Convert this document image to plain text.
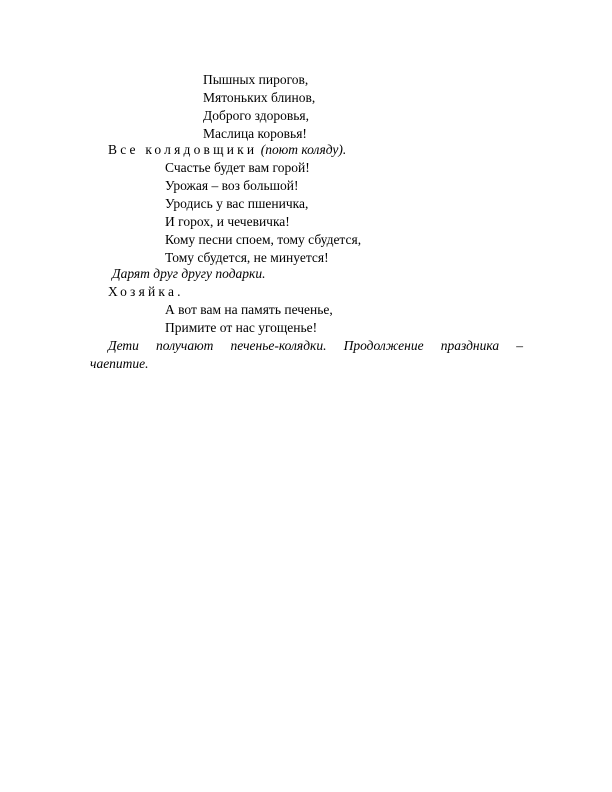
Пышных пирогов,
Мятоньких блинов,
Доброго здоровья,
Маслица коровья!
Все колядовщики (поют коляду).
Счастье будет вам горой!
Урожая – воз большой!
Уродись у вас пшеничка,
И горох, и чечевичка!
Кому песни споем, тому сбудется,
Тому сбудется, не минуется!
Дарят друг другу подарки.
Хозяйка.
А вот вам на память печенье,
Примите от нас угощенье!
Дети получают печенье-колядки. Продолжение праздника –
чаепитие.
